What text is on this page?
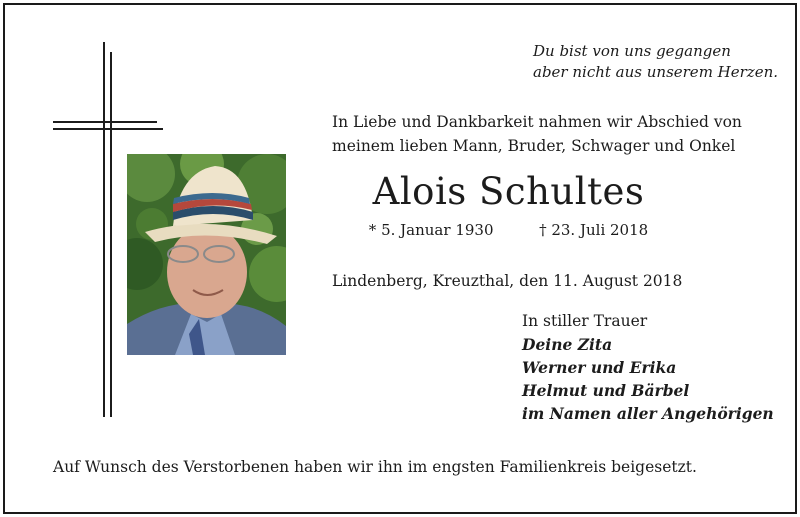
Du bist von uns gegangen
aber nicht aus unserem Herzen.
In Liebe und Dankbarkeit nahmen wir Abschied von
meinem lieben Mann, Bruder, Schwager und Onkel
Alois Schultes
* 5. Januar 1930	† 23. Juli 2018
Lindenberg, Kreuzthal, den 11. August 2018
In stiller Trauer
Deine Zita
Werner und Erika
Helmut und Bärbel
im Namen aller Angehörigen
Auf Wunsch des Verstorbenen haben wir ihn im engsten Familienkreis beigesetzt.
